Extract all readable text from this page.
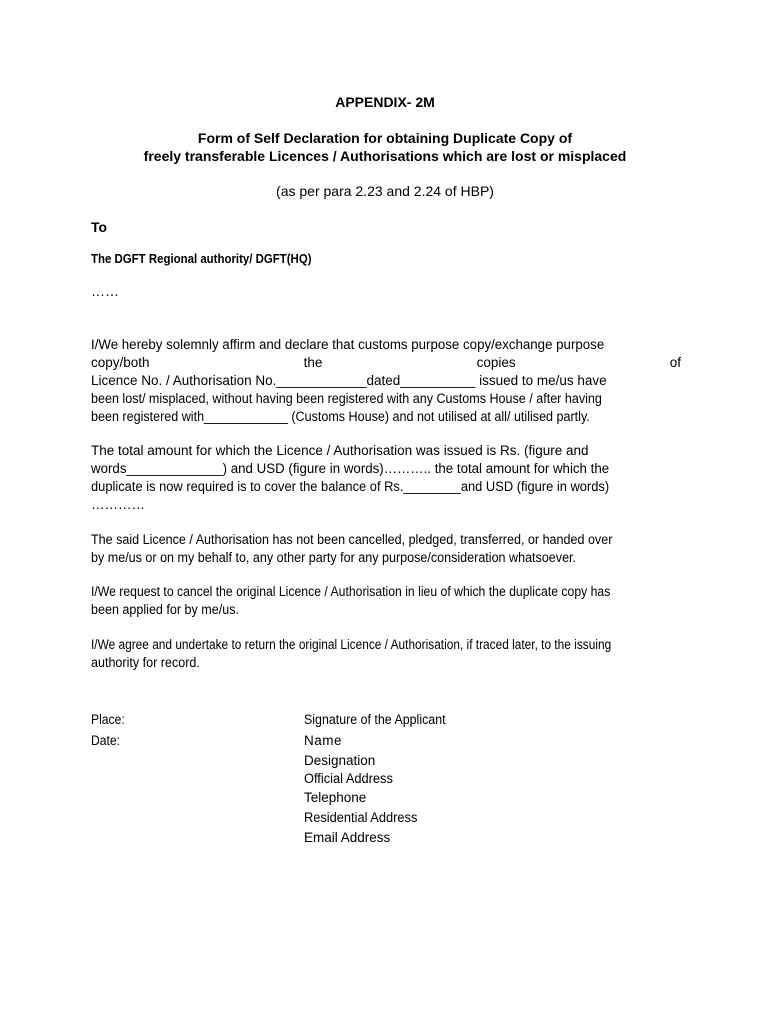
APPENDIX- 2M
Form of Self Declaration for obtaining Duplicate Copy of
freely transferable Licences / Authorisations which are lost or misplaced
(as per para 2.23 and 2.24 of HBP)
To
The DGFT Regional authority/ DGFT(HQ)
……
I/We hereby solemnly affirm and declare that customs purpose copy/exchange purpose
copy/both	the	copies	of
Licence No. / Authorisation No.____________dated__________ issued to me/us have
been lost/ misplaced, without having been registered with any Customs House / after having
been registered with____________ (Customs House) and not utilised at all/ utilised partly.
The total amount for which the Licence / Authorisation was issued is Rs. (figure and
words_____________) and USD (figure in words)……….. the total amount for which the
duplicate is now required is to cover the balance of Rs.________and USD (figure in words)
…………
The said Licence / Authorisation has not been cancelled, pledged, transferred, or handed over
by me/us or on my behalf to, any other party for any purpose/consideration whatsoever.
I/We request to cancel the original Licence / Authorisation in lieu of which the duplicate copy has
been applied for by me/us.
I/We agree and undertake to return the original Licence / Authorisation, if traced later, to the issuing
authority for record.
Place:
Date:
Signature of the Applicant
Name
Designation
Official Address
Telephone
Residential Address
Email Address
